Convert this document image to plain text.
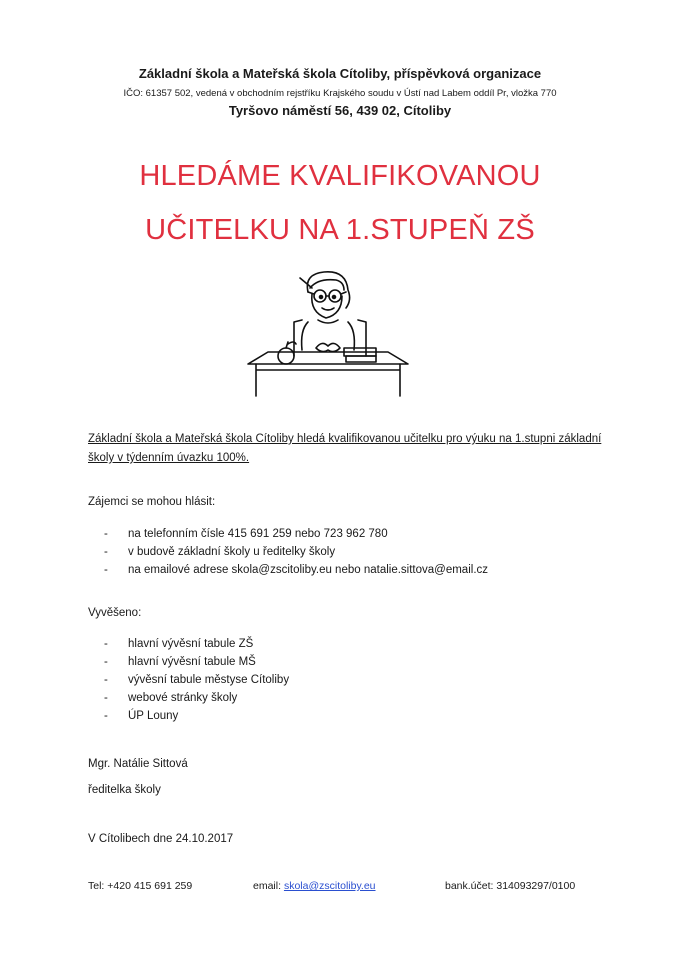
Základní škola a Mateřská škola Cítoliby, příspěvková organizace
IČO: 61357 502, vedená v obchodním rejstříku Krajského soudu v Ústí nad Labem oddíl Pr, vložka 770
Tyršovo náměstí 56, 439 02, Cítoliby
HLEDÁME KVALIFIKOVANOU
UČITELKU NA 1.STUPEŇ ZŠ
Základní škola a Mateřská škola Cítoliby hledá kvalifikovanou učitelku pro výuku na 1.stupni základní školy v týdenním úvazku 100%.
Zájemci se mohou hlásit:
- na telefonním čísle 415 691 259 nebo 723 962 780
- v budově základní školy u ředitelky školy
- na emailové adrese skola@zscitoliby.eu nebo natalie.sittova@email.cz
Vyvěšeno:
- hlavní vývěsní tabule ZŠ
- hlavní vývěsní tabule MŠ
- vývěsní tabule městyse Cítoliby
- webové stránky školy
- ÚP Louny
Mgr. Natálie Sittová
ředitelka školy
V Cítolibech dne 24.10.2017
Tel: +420 415 691 259	email: skola@zscitoliby.eu	bank.účet: 314093297/0100
